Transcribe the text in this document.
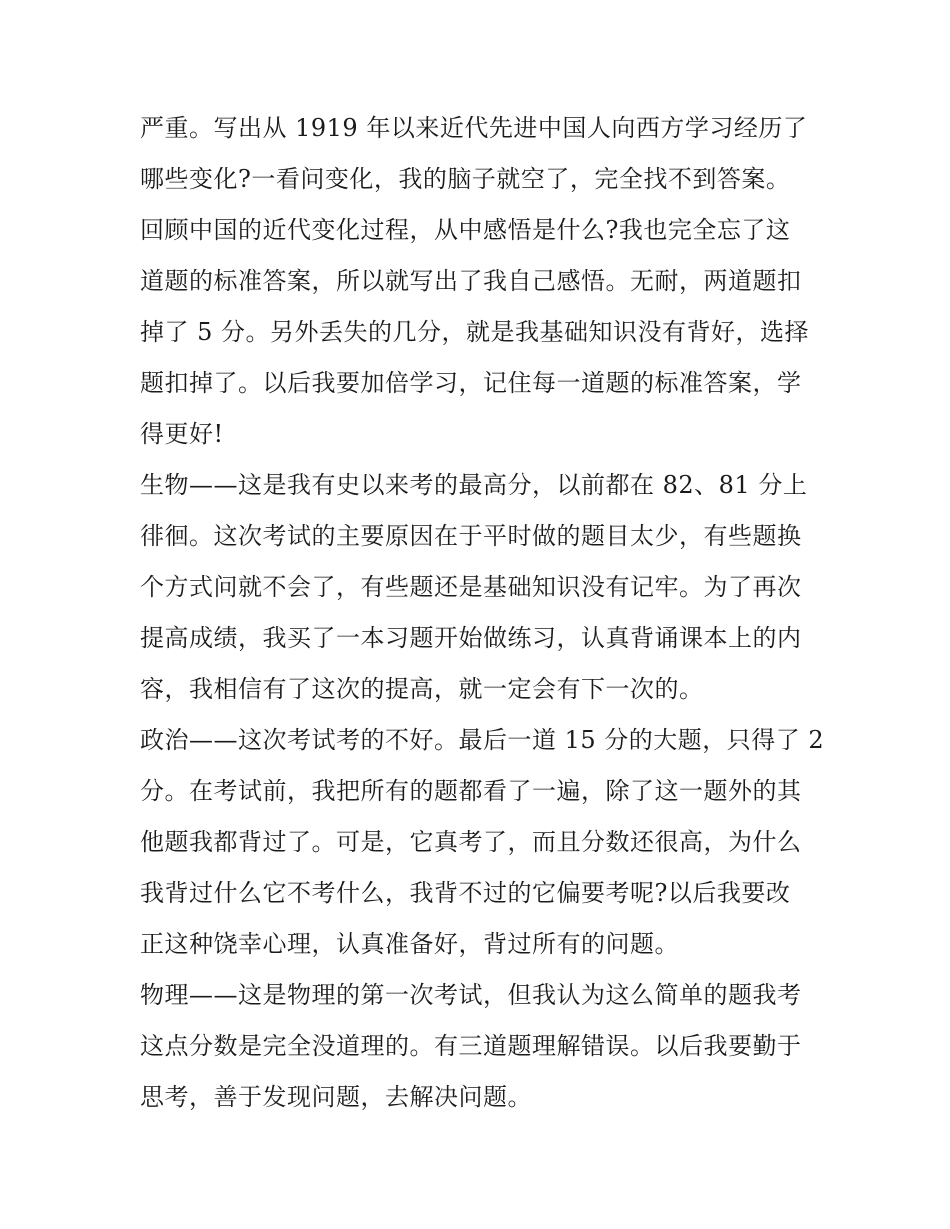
严重。写出从 1919 年以来近代先进中国人向西方学习经历了
哪些变化?一看问变化，我的脑子就空了，完全找不到答案。
回顾中国的近代变化过程，从中感悟是什么?我也完全忘了这
道题的标准答案，所以就写出了我自己感悟。无耐，两道题扣
掉了 5 分。另外丢失的几分，就是我基础知识没有背好，选择
题扣掉了。以后我要加倍学习，记住每一道题的标准答案，学
得更好!
生物——这是我有史以来考的最高分，以前都在 82、81 分上
徘徊。这次考试的主要原因在于平时做的题目太少，有些题换
个方式问就不会了，有些题还是基础知识没有记牢。为了再次
提高成绩，我买了一本习题开始做练习，认真背诵课本上的内
容，我相信有了这次的提高，就一定会有下一次的。
政治——这次考试考的不好。最后一道 15 分的大题，只得了 2
分。在考试前，我把所有的题都看了一遍，除了这一题外的其
他题我都背过了。可是，它真考了，而且分数还很高，为什么
我背过什么它不考什么，我背不过的它偏要考呢?以后我要改
正这种饶幸心理，认真准备好，背过所有的问题。
物理——这是物理的第一次考试，但我认为这么简单的题我考
这点分数是完全没道理的。有三道题理解错误。以后我要勤于
思考，善于发现问题，去解决问题。
